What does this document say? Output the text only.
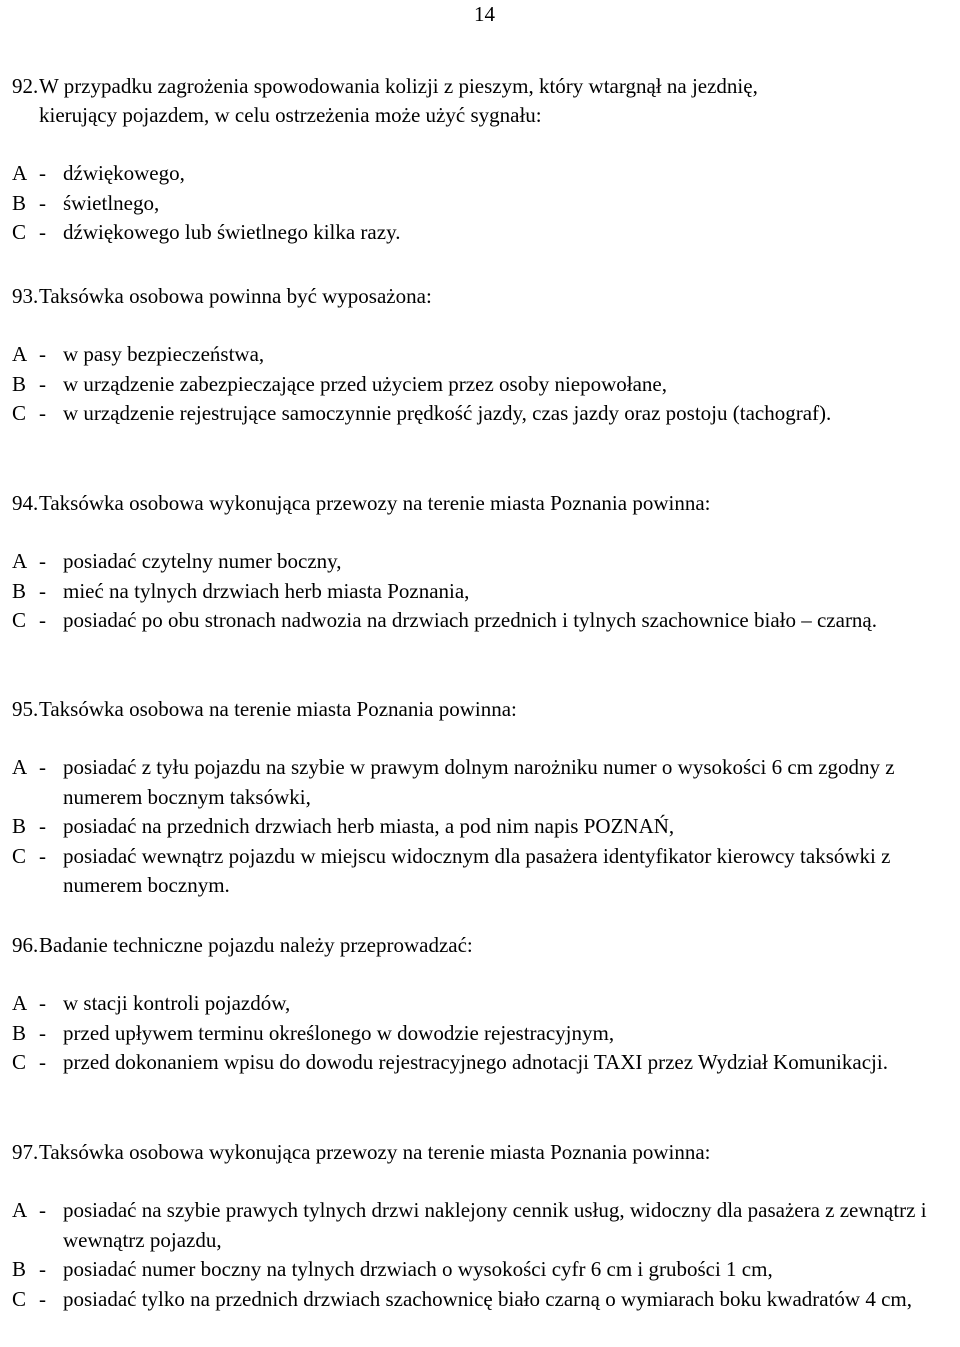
14
92.W przypadku zagrożenia spowodowania kolizji z pieszym, który wtargnął na jezdnię,
kierujący pojazdem, w celu ostrzeżenia może użyć sygnału:
A - dźwiękowego,
B - świetlnego,
C - dźwiękowego lub świetlnego kilka razy.
93.Taksówka osobowa powinna być wyposażona:
A - w pasy bezpieczeństwa,
B - w urządzenie zabezpieczające przed użyciem przez osoby niepowołane,
C - w urządzenie rejestrujące samoczynnie prędkość jazdy, czas jazdy oraz postoju (tachograf).
94.Taksówka osobowa wykonująca przewozy na terenie miasta Poznania powinna:
A - posiadać czytelny numer boczny,
B - mieć na tylnych drzwiach herb miasta Poznania,
C - posiadać po obu stronach nadwozia na drzwiach przednich i tylnych szachownice biało – czarną.
95.Taksówka osobowa na terenie miasta Poznania powinna:
A - posiadać z tyłu pojazdu na szybie w prawym dolnym narożniku numer o wysokości 6 cm zgodny z numerem bocznym taksówki,
B - posiadać na przednich drzwiach herb miasta, a pod nim napis POZNAŃ,
C - posiadać wewnątrz pojazdu w miejscu widocznym dla pasażera identyfikator kierowcy taksówki z numerem bocznym.
96.Badanie techniczne pojazdu należy przeprowadzać:
A - w stacji kontroli pojazdów,
B - przed upływem terminu określonego w dowodzie rejestracyjnym,
C - przed dokonaniem wpisu do dowodu rejestracyjnego adnotacji TAXI przez Wydział Komunikacji.
97.Taksówka osobowa wykonująca przewozy na terenie miasta Poznania powinna:
A - posiadać na szybie prawych tylnych drzwi naklejony cennik usług, widoczny dla pasażera z zewnątrz i wewnątrz pojazdu,
B - posiadać numer boczny na tylnych drzwiach o wysokości cyfr 6 cm i grubości 1 cm,
C - posiadać tylko na przednich drzwiach szachownicę biało czarną o wymiarach boku kwadratów 4 cm,
